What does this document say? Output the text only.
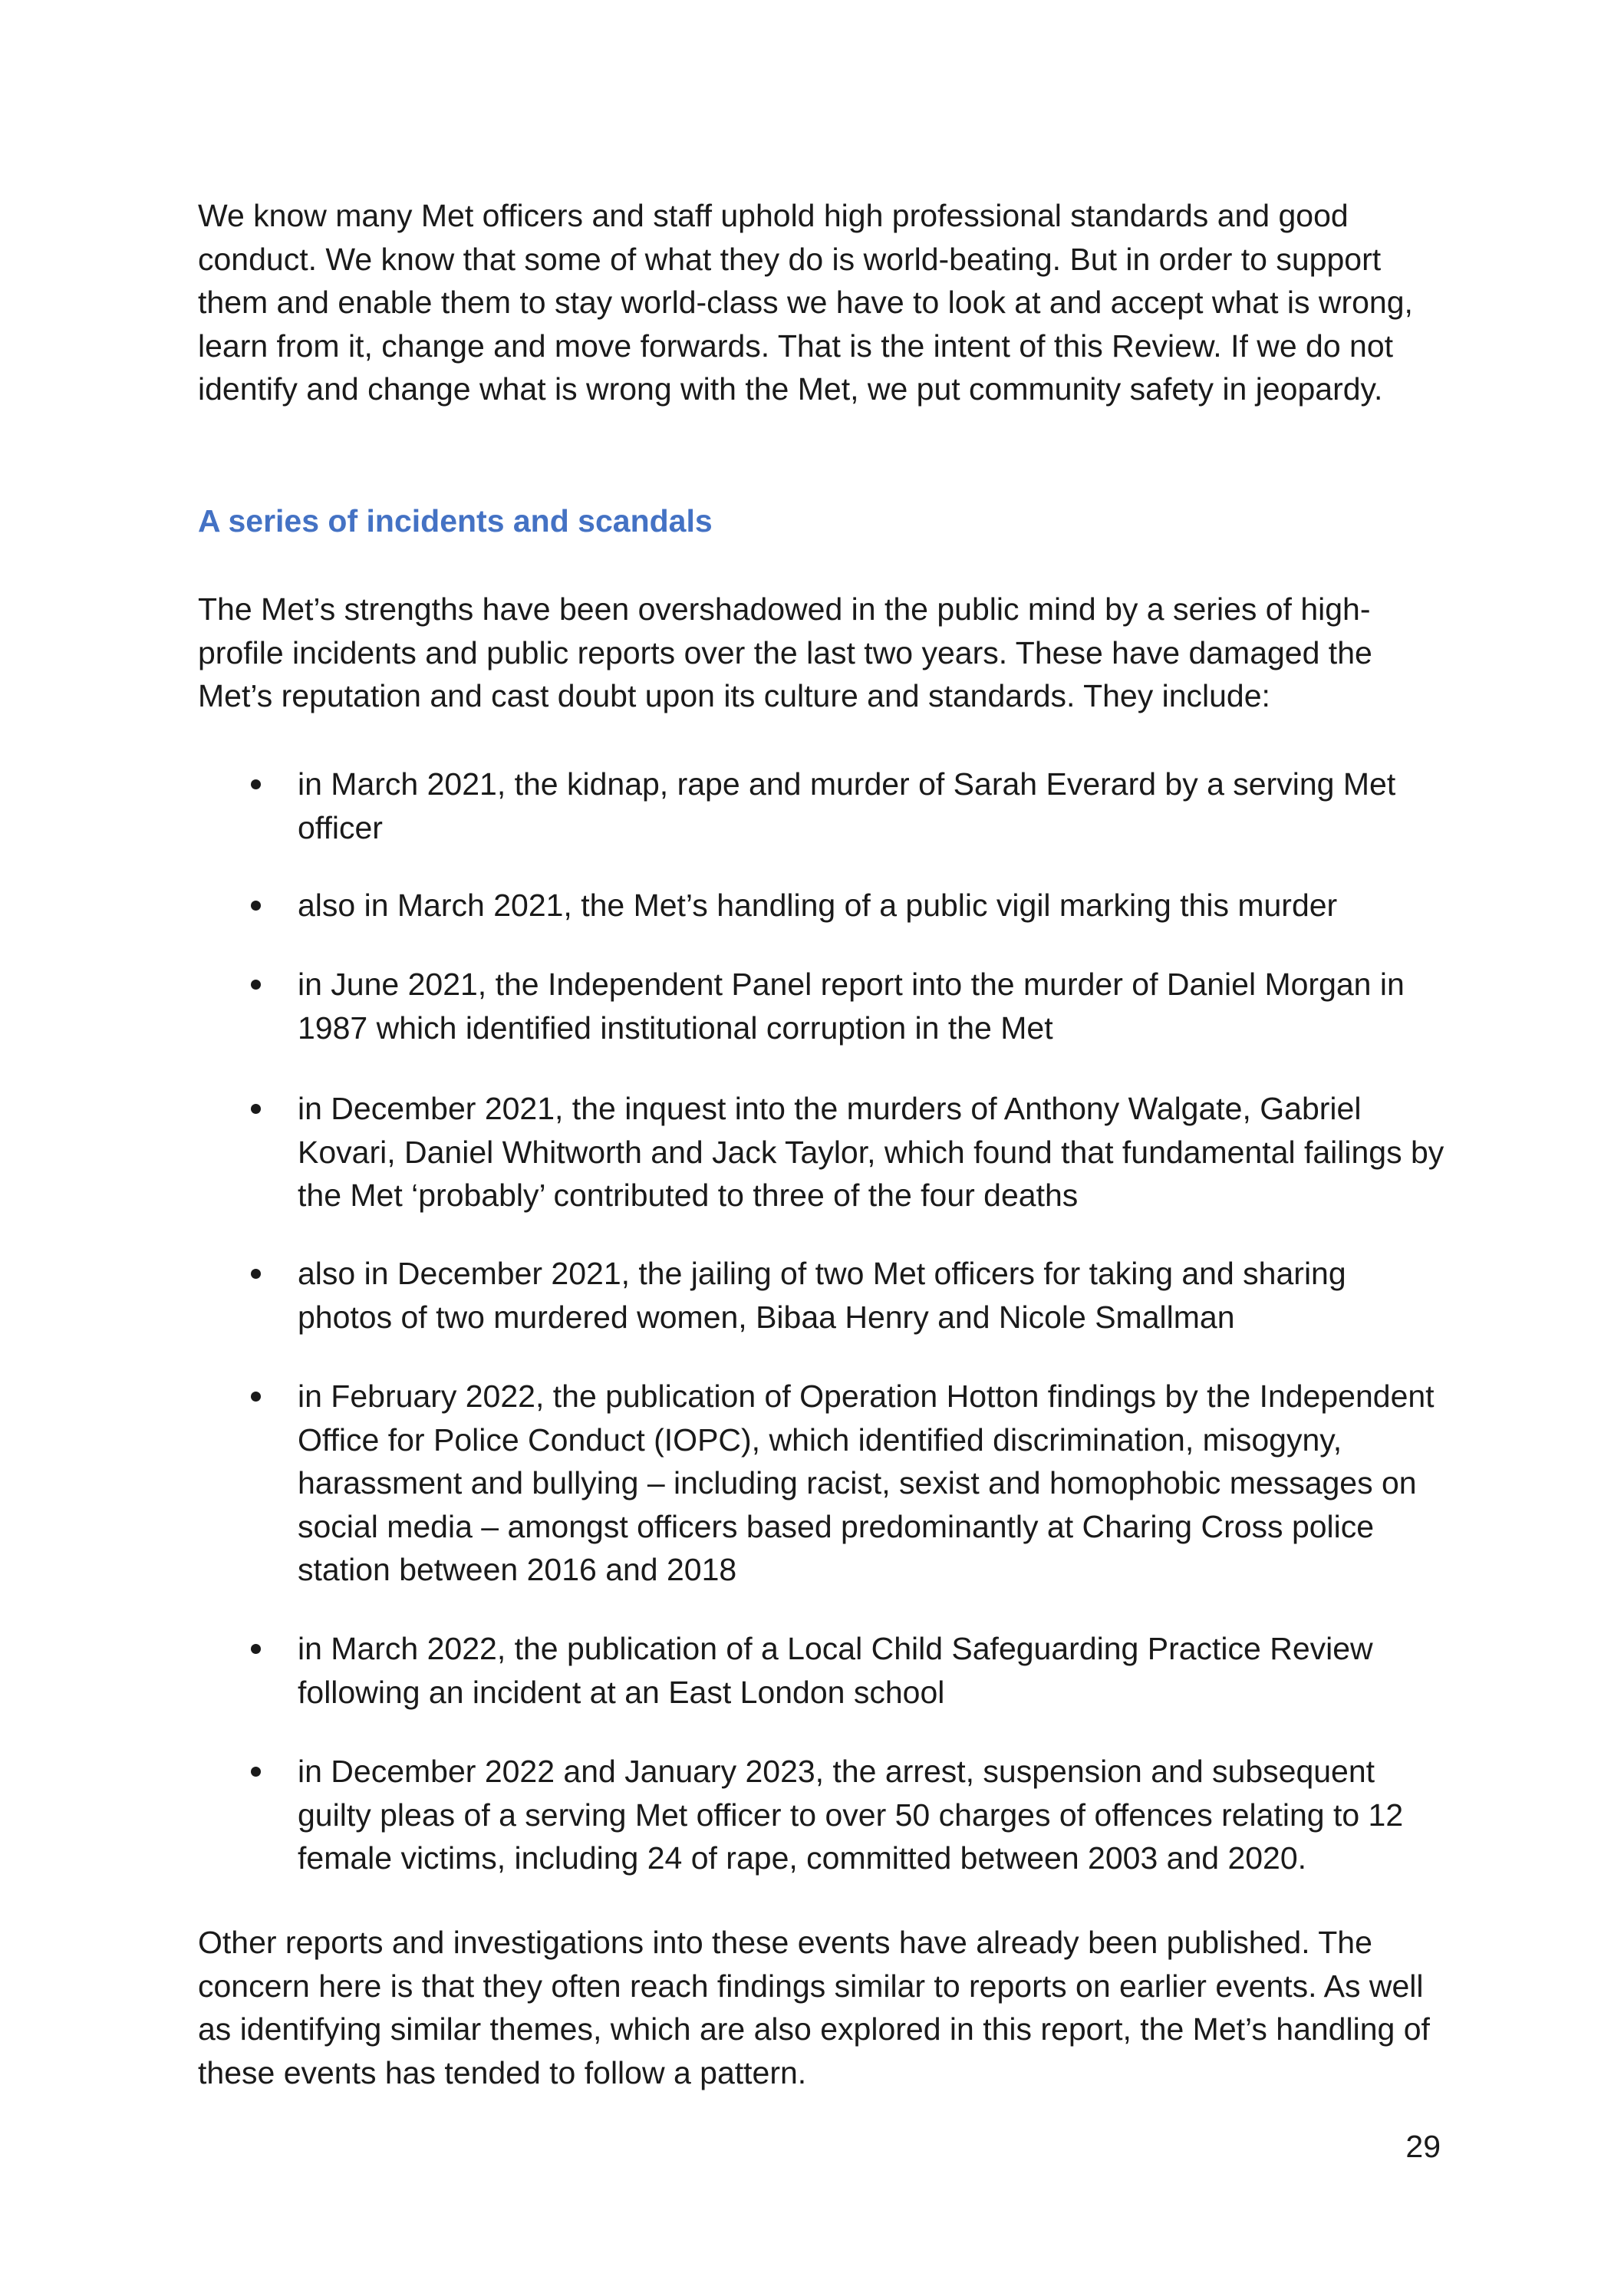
We know many Met officers and staff uphold high professional standards and good conduct. We know that some of what they do is world-beating. But in order to support them and enable them to stay world-class we have to look at and accept what is wrong, learn from it, change and move forwards. That is the intent of this Review. If we do not identify and change what is wrong with the Met, we put community safety in jeopardy.

A series of incidents and scandals

The Met’s strengths have been overshadowed in the public mind by a series of high-profile incidents and public reports over the last two years. These have damaged the Met’s reputation and cast doubt upon its culture and standards. They include:

in March 2021, the kidnap, rape and murder of Sarah Everard by a serving Met officer
also in March 2021, the Met’s handling of a public vigil marking this murder
in June 2021, the Independent Panel report into the murder of Daniel Morgan in 1987 which identified institutional corruption in the Met
in December 2021, the inquest into the murders of Anthony Walgate, Gabriel Kovari, Daniel Whitworth and Jack Taylor, which found that fundamental failings by the Met ‘probably’ contributed to three of the four deaths
also in December 2021, the jailing of two Met officers for taking and sharing photos of two murdered women, Bibaa Henry and Nicole Smallman
in February 2022, the publication of Operation Hotton findings by the Independent Office for Police Conduct (IOPC), which identified discrimination, misogyny, harassment and bullying – including racist, sexist and homophobic messages on social media – amongst officers based predominantly at Charing Cross police station between 2016 and 2018
in March 2022, the publication of a Local Child Safeguarding Practice Review following an incident at an East London school
in December 2022 and January 2023, the arrest, suspension and subsequent guilty pleas of a serving Met officer to over 50 charges of offences relating to 12 female victims, including 24 of rape, committed between 2003 and 2020.

Other reports and investigations into these events have already been published. The concern here is that they often reach findings similar to reports on earlier events. As well as identifying similar themes, which are also explored in this report, the Met’s handling of these events has tended to follow a pattern.

29
